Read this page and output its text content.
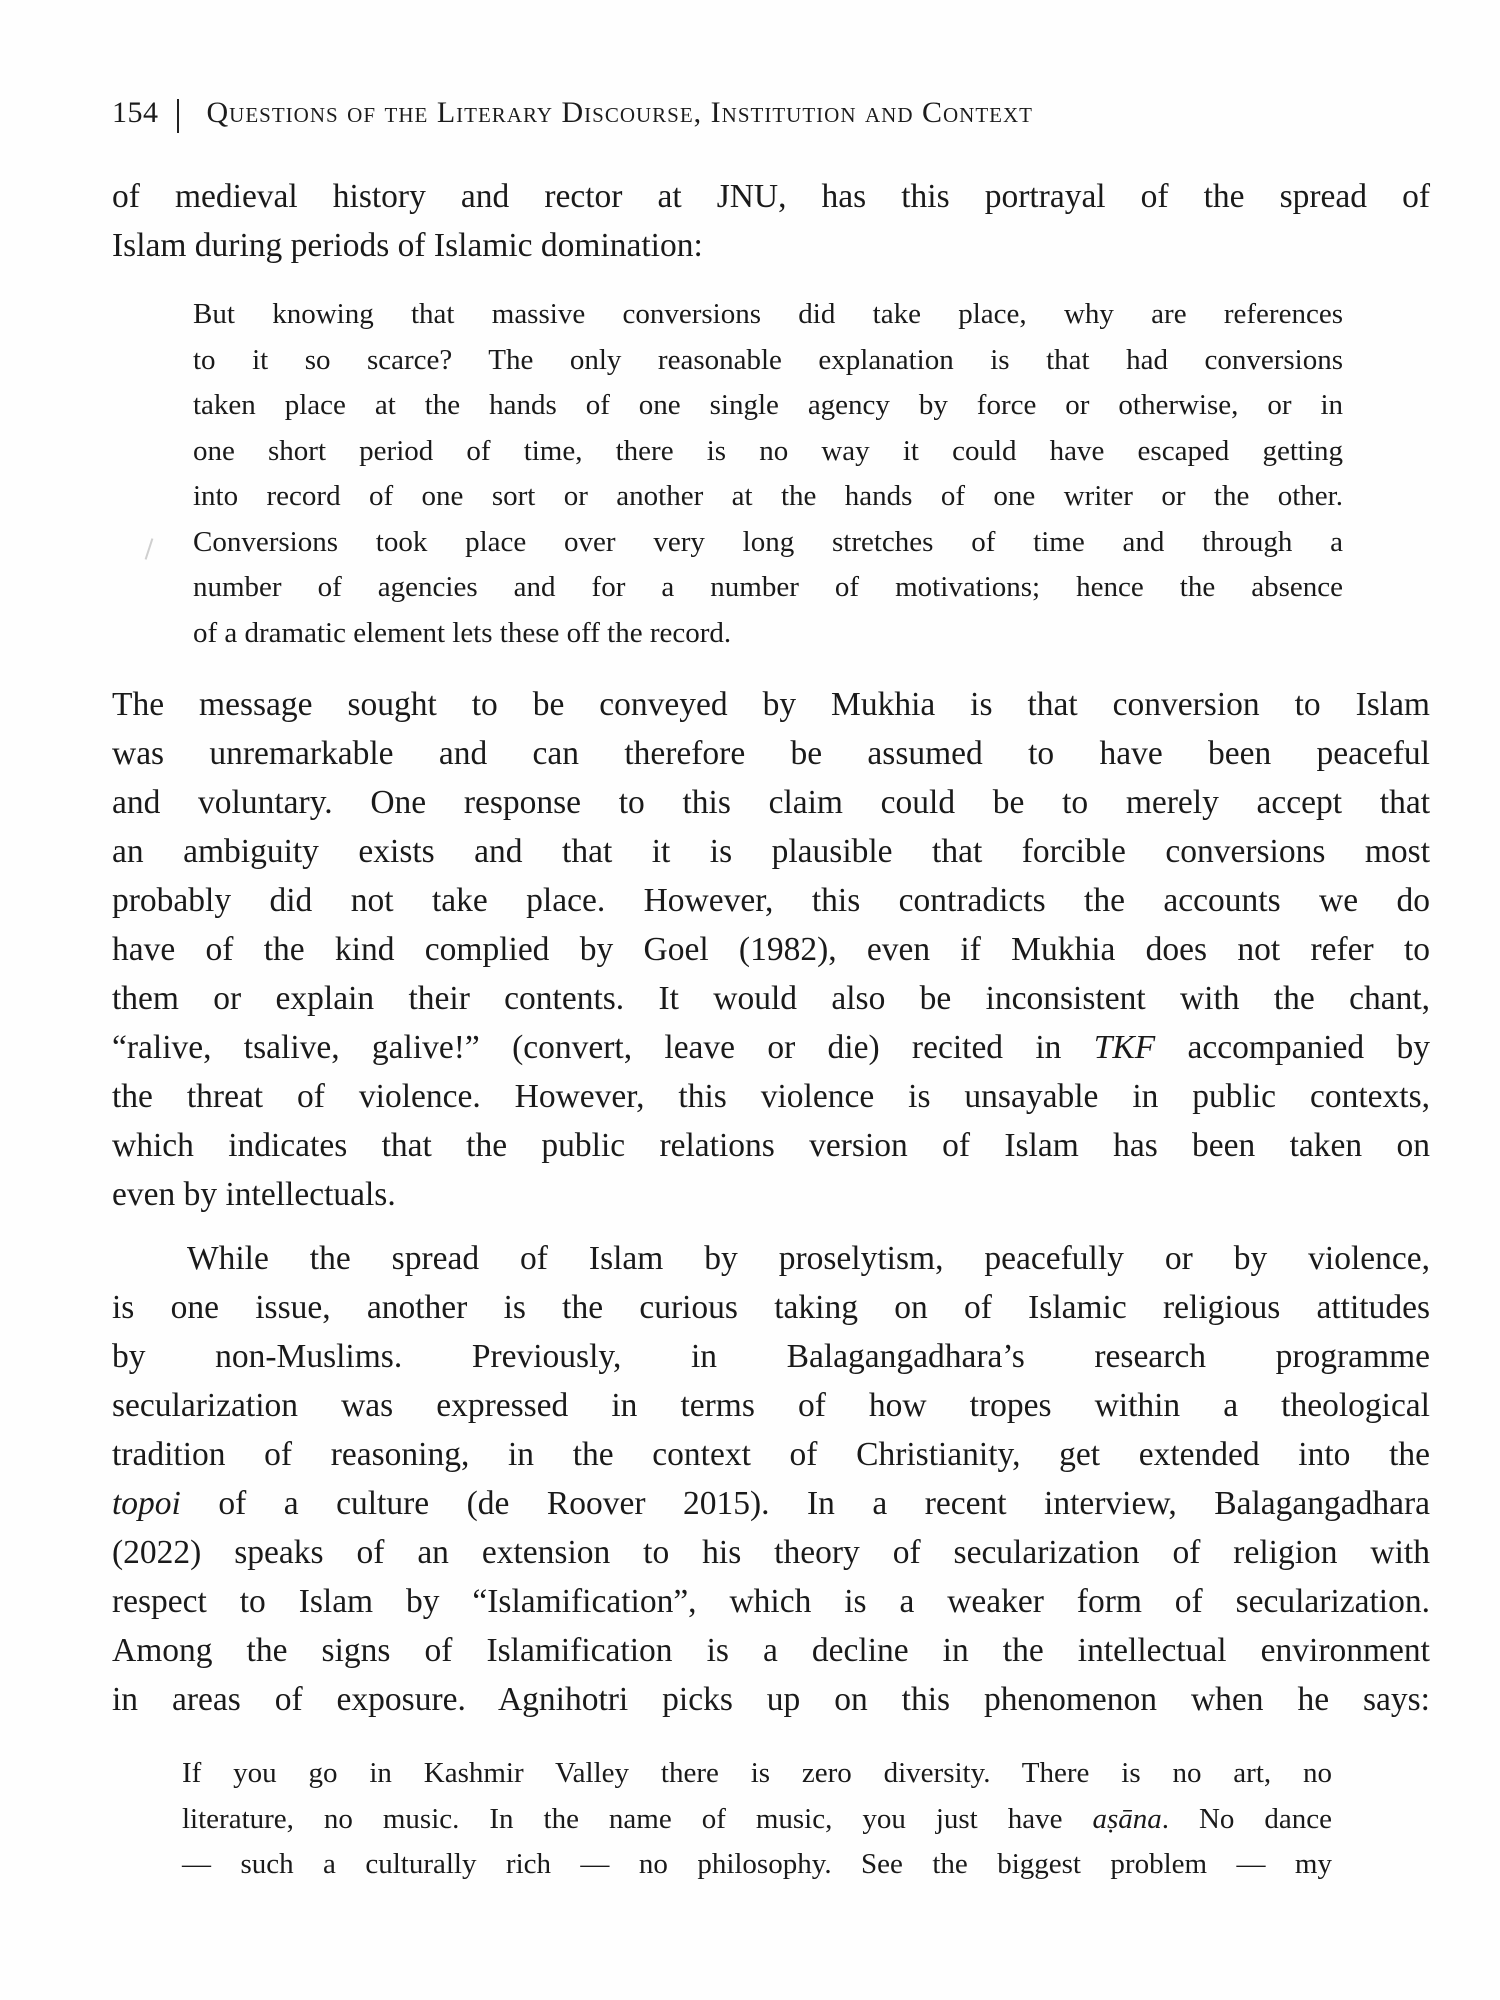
154 Questions of the Literary Discourse, Institution and Context
of medieval history and rector at JNU, has this portrayal of the spread of
Islam during periods of Islamic domination:
But knowing that massive conversions did take place, why are references
to it so scarce? The only reasonable explanation is that had conversions
taken place at the hands of one single agency by force or otherwise, or in
one short period of time, there is no way it could have escaped getting
into record of one sort or another at the hands of one writer or the other.
Conversions took place over very long stretches of time and through a
number of agencies and for a number of motivations; hence the absence
of a dramatic element lets these off the record.
The message sought to be conveyed by Mukhia is that conversion to Islam
was unremarkable and can therefore be assumed to have been peaceful
and voluntary. One response to this claim could be to merely accept that
an ambiguity exists and that it is plausible that forcible conversions most
probably did not take place. However, this contradicts the accounts we do
have of the kind complied by Goel (1982), even if Mukhia does not refer to
them or explain their contents. It would also be inconsistent with the chant,
“ralive, tsalive, galive!” (convert, leave or die) recited in TKF accompanied by
the threat of violence. However, this violence is unsayable in public contexts,
which indicates that the public relations version of Islam has been taken on
even by intellectuals.
While the spread of Islam by proselytism, peacefully or by violence,
is one issue, another is the curious taking on of Islamic religious attitudes
by non-Muslims. Previously, in Balagangadhara’s research programme
secularization was expressed in terms of how tropes within a theological
tradition of reasoning, in the context of Christianity, get extended into the
topoi of a culture (de Roover 2015). In a recent interview, Balagangadhara
(2022) speaks of an extension to his theory of secularization of religion with
respect to Islam by “Islamification”, which is a weaker form of secularization.
Among the signs of Islamification is a decline in the intellectual environment
in areas of exposure. Agnihotri picks up on this phenomenon when he says:
If you go in Kashmir Valley there is zero diversity. There is no art, no
literature, no music. In the name of music, you just have aṣāna. No dance
— such a culturally rich — no philosophy. See the biggest problem — my
